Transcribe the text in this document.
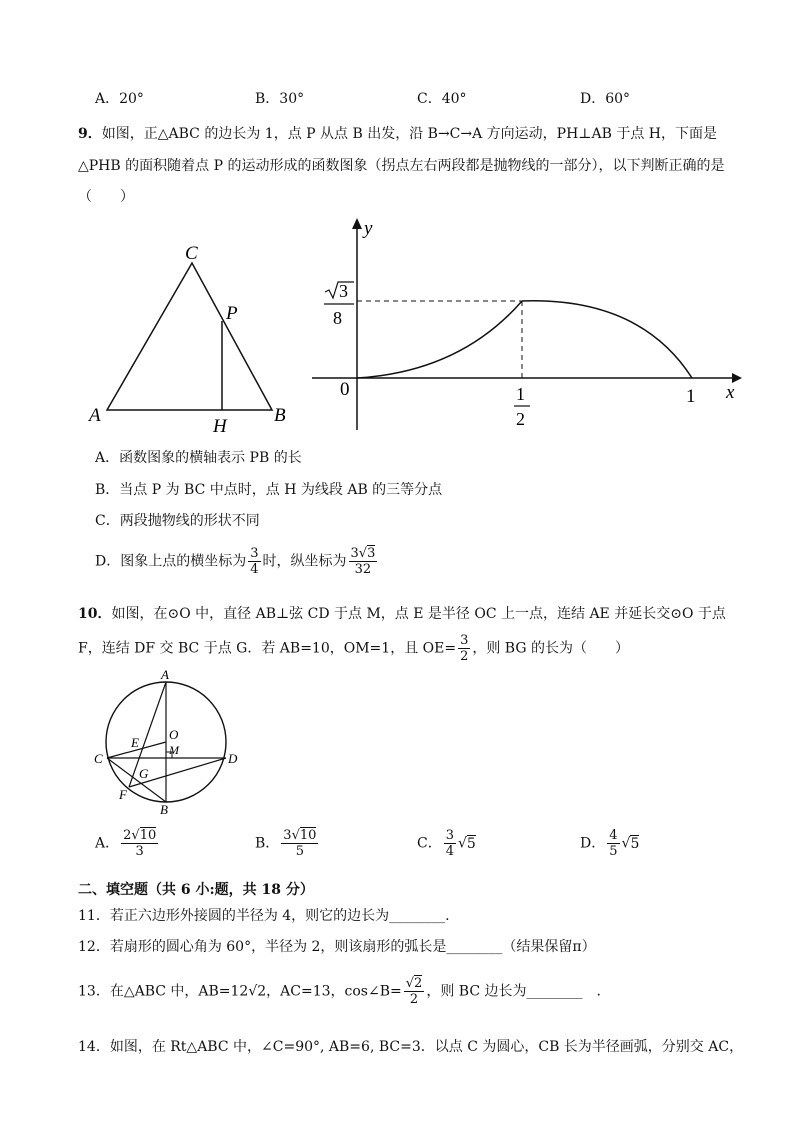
A．20°	B．30°	C．40°	D．60°
9．如图，正△ABC 的边长为 1，点 P 从点 B 出发，沿 B→C→A 方向运动，PH⊥AB 于点 H，下面是
△PHB 的面积随着点 P 的运动形成的函数图象（拐点左右两段都是抛物线的一部分），以下判断正确的是
（　　）
C
P
A
H
B
y
x
0
3
8
1
2
1
A．函数图象的横轴表示 PB 的长
B．当点 P 为 BC 中点时，点 H 为线段 AB 的三等分点
C．两段抛物线的形状不同
D．图象上点的横坐标为 $\frac{3}{4}$ 时，纵坐标为 $\frac{3√3}{32}$
10．如图，在⊙O 中，直径 AB⊥弦 CD 于点 M，点 E 是半径 OC 上一点，连结 AE 并延长交⊙O 于点
F，连结 DF 交 BC 于点 G．若 AB=10，OM=1，且 $OE= \frac{3}{2}$ ，则 BG 的长为（　　）
A
O
E	M
C	D
G
F
B
A． $\frac{2√10}{3}$	B． $\frac{3√10}{5}$	C． $\frac{3}{4} √5$	D． $\frac{4}{5} √5$
二、填空题（共 6 小:题，共 18 分）
11．若正六边形外接圆的半径为 4，则它的边长为________.
12．若扇形的圆心角为 60°，半径为 2，则该扇形的弧长是________（结果保留π）
13．在△ABC 中，AB=12√2，AC=13，cos∠B= $\frac{√2}{2}$ ，则 BC 边长为________　.
14．如图，在 Rt△ABC 中，∠C=90°, AB=6, BC=3．以点 C 为圆心，CB 长为半径画弧，分别交 AC，
